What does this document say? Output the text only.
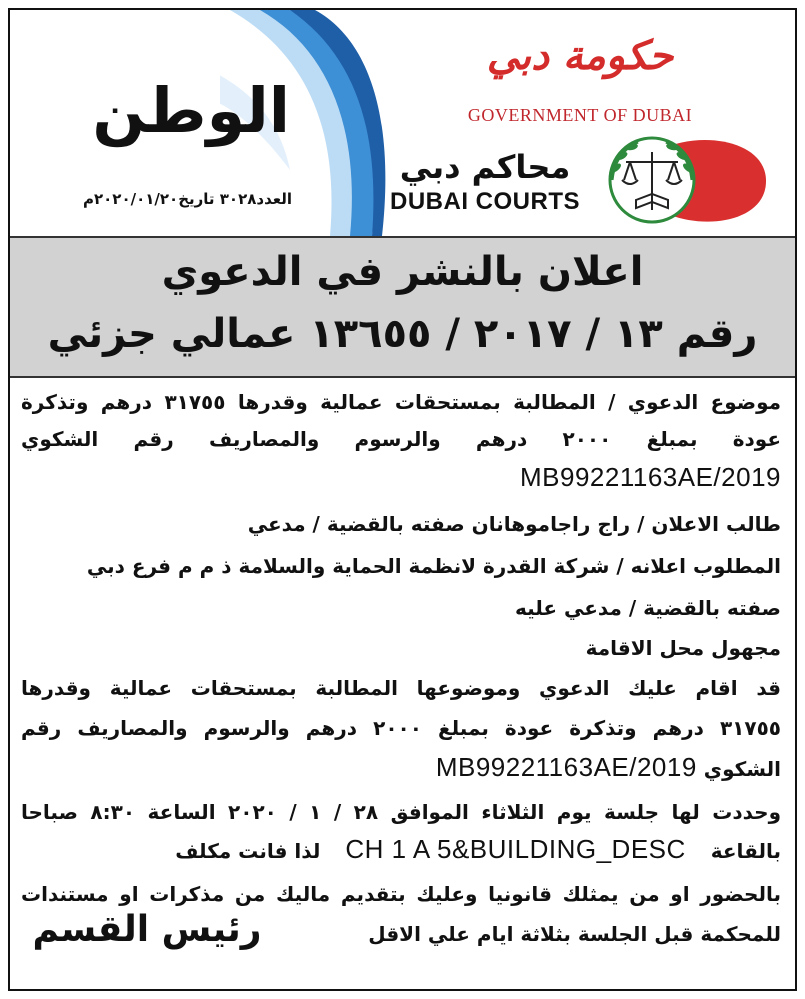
الوطن
العدد٣٠٢٨ تاريخ٢٠٢٠/٠١/٢٠م
حكومة دبي
GOVERNMENT OF DUBAI
محاكم دبي
DUBAI COURTS
اعلان بالنشر في الدعوي
رقم ١٣ / ٢٠١٧ / ١٣٦٥٥ عمالي جزئي
موضوع الدعوي / المطالبة بمستحقات عمالية وقدرها ٣١٧٥٥ درهم وتذكرة
عودة بمبلغ ٢٠٠٠ درهم والرسوم والمصاريف رقم الشكوي
MB99221163AE/2019
طالب الاعلان / راج راجاموهانان صفته بالقضية / مدعي
المطلوب اعلانه / شركة القدرة لانظمة الحماية والسلامة ذ م م فرع دبي
صفته بالقضية / مدعي عليه
مجهول محل الاقامة
قد اقام عليك الدعوي وموضوعها المطالبة بمستحقات عمالية وقدرها
٣١٧٥٥ درهم وتذكرة عودة بمبلغ ٢٠٠٠ درهم والرسوم والمصاريف رقم
الشكوي MB99221163AE/2019
وحددت لها جلسة يوم الثلاثاء الموافق ٢٨ / ١ / ٢٠٢٠ الساعة ٨:٣٠ صباحا
بالقاعة CH 1 A 5&BUILDING_DESC لذا فانت مكلف
بالحضور او من يمثلك قانونيا وعليك بتقديم ماليك من مذكرات او مستندات
للمحكمة قبل الجلسة بثلاثة ايام علي الاقل
رئيس القسم
